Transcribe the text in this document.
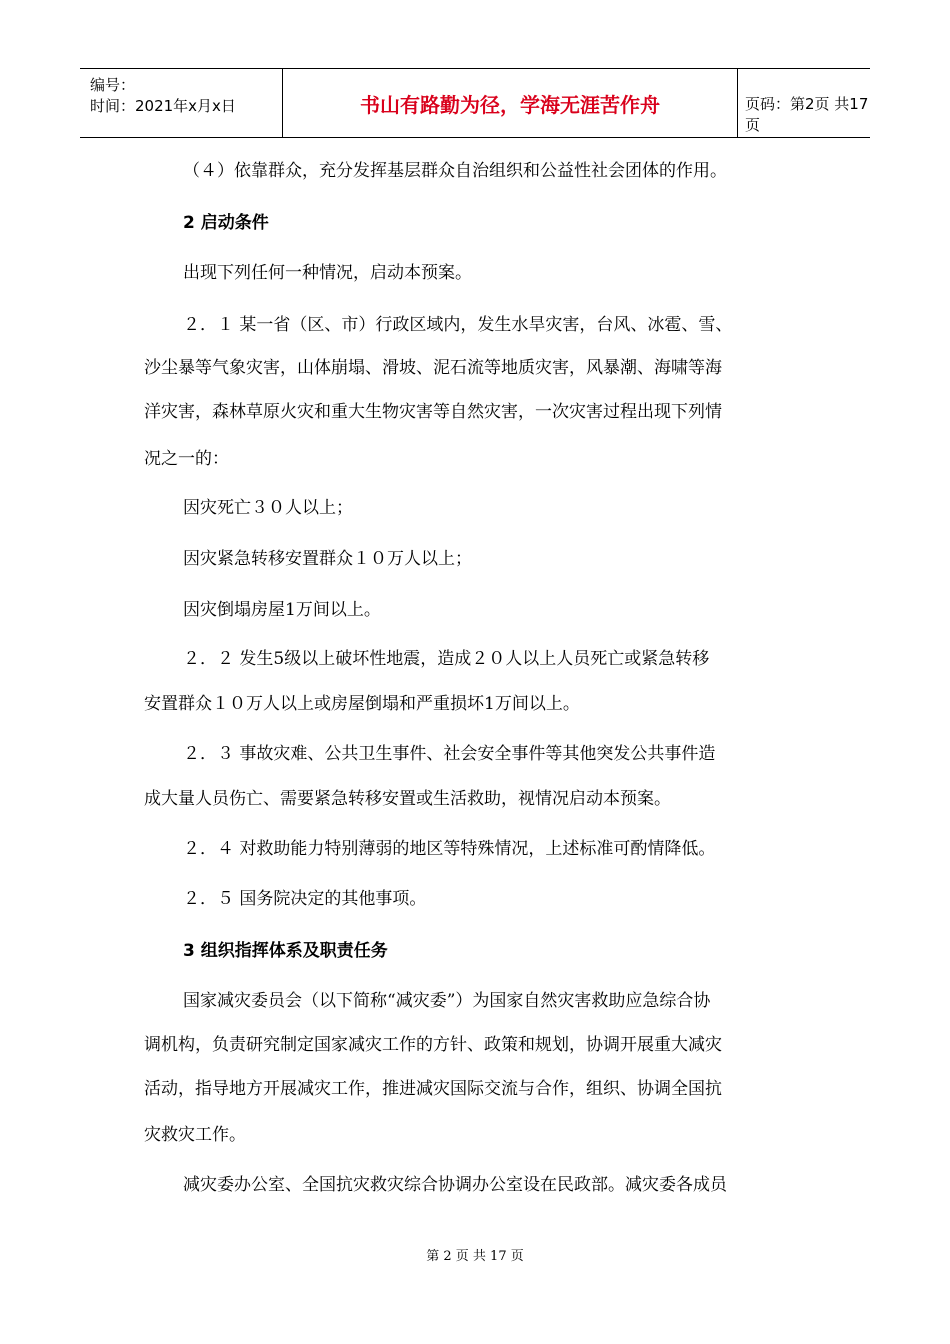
编号：
时间：2021年x月x日	书山有路勤为径，学海无涯苦作舟	页码：第2页 共17页
（４）依靠群众，充分发挥基层群众自治组织和公益性社会团体的作用。
2 启动条件
出现下列任何一种情况，启动本预案。
２．１ 某一省（区、市）行政区域内，发生水旱灾害，台风、冰雹、雪、
沙尘暴等气象灾害，山体崩塌、滑坡、泥石流等地质灾害，风暴潮、海啸等海
洋灾害，森林草原火灾和重大生物灾害等自然灾害，一次灾害过程出现下列情
况之一的：
因灾死亡３０人以上；
因灾紧急转移安置群众１０万人以上；
因灾倒塌房屋1万间以上。
２．２ 发生5级以上破坏性地震，造成２０人以上人员死亡或紧急转移
安置群众１０万人以上或房屋倒塌和严重损坏1万间以上。
２．３ 事故灾难、公共卫生事件、社会安全事件等其他突发公共事件造
成大量人员伤亡、需要紧急转移安置或生活救助，视情况启动本预案。
２．４ 对救助能力特别薄弱的地区等特殊情况，上述标准可酌情降低。
２．５ 国务院决定的其他事项。
3 组织指挥体系及职责任务
国家减灾委员会（以下简称“减灾委”）为国家自然灾害救助应急综合协
调机构，负责研究制定国家减灾工作的方针、政策和规划，协调开展重大减灾
活动，指导地方开展减灾工作，推进减灾国际交流与合作，组织、协调全国抗
灾救灾工作。
减灾委办公室、全国抗灾救灾综合协调办公室设在民政部。减灾委各成员
第 2 页 共 17 页
